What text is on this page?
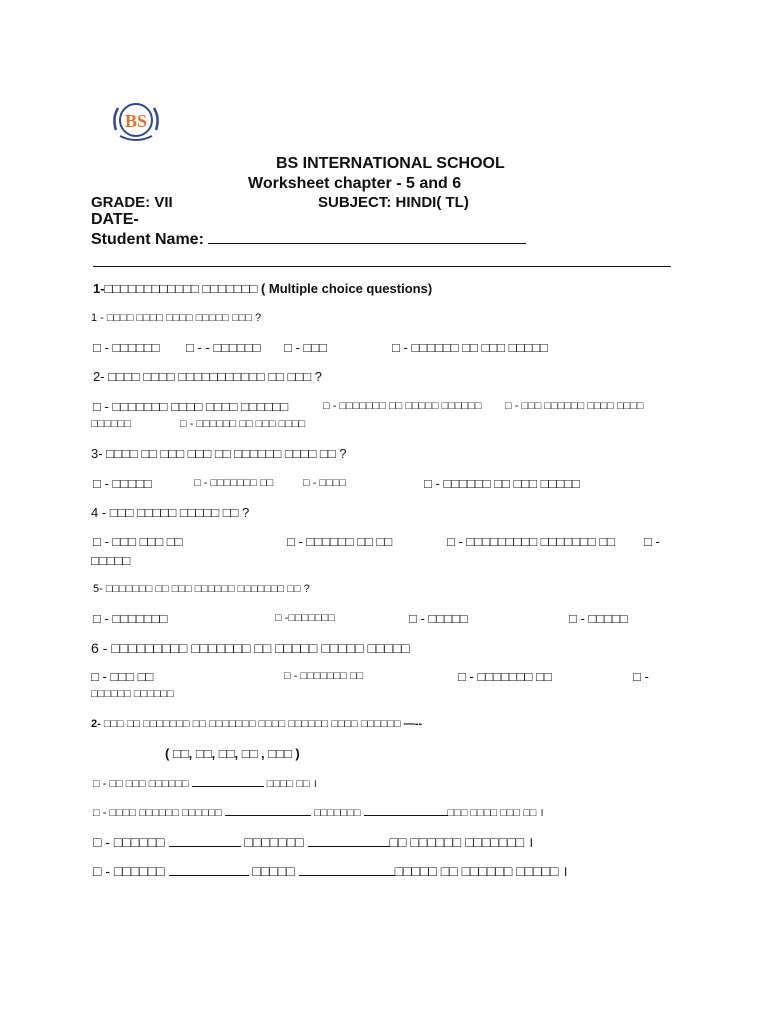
BS
BS INTERNATIONAL SCHOOL
Worksheet chapter - 5 and 6
GRADE: VII	SUBJECT: HINDI( TL)
DATE-
Student Name:
1-□□□□□□□□□□□□ □□□□□□□ ( Multiple choice questions)
1 - □□□□ □□□□ □□□□ □□□□□ □□□ ?
□ - □□□□□□ □ - - □□□□□□ □ - □□□	□ - □□□□□□ □□ □□□ □□□□□
2- □□□□ □□□□ □□□□□□□□□□□ □□ □□□ ?
□ - □□□□□□□ □□□□ □□□□ □□□□□□	□ - □□□□□□□ □□ □□□□□ □□□□□□ □ - □□□ □□□□□□ □□□□ □□□□
□□□□□□	□ - □□□□□□ □□ □□□ □□□□
3- □□□□ □□ □□□ □□□ □□ □□□□□□ □□□□ □□ ?
□ - □□□□□	□ - □□□□□□□ □□	□ - □□□□	□ - □□□□□□ □□ □□□ □□□□□
4 - □□□ □□□□□ □□□□□ □□ ?
□ - □□□ □□□ □□	□ - □□□□□□ □□ □□	□ - □□□□□□□□□ □□□□□□□ □□ □ -
□□□□□
5- □□□□□□□ □□ □□□ □□□□□□ □□□□□□□ □□ ?
□ - □□□□□□□	□ -□□□□□□□	□ - □□□□□	□ - □□□□□
6 - □□□□□□□□□ □□□□□□□ □□ □□□□□ □□□□□ □□□□□
□ - □□□ □□	□ - □□□□□□□ □□	□ - □□□□□□□ □□	□ -
□□□□□□ □□□□□□
2- □□□ □□ □□□□□□□ □□ □□□□□□□ □□□□ □□□□□□ □□□□ □□□□□□ —--
( □□, □□, □□, □□ , □□□ )
□ - □□ □□□ □□□□□□	□□□□ □□ ।
□ - □□□□ □□□□□□ □□□□□□	□□□□□□□	□□□ □□□□ □□□ □□ ।
□ - □□□□□□	□□□□□□□	□□ □□□□□□ □□□□□□□ ।
□ - □□□□□□	□□□□□	□□□□□ □□ □□□□□□ □□□□□ ।
